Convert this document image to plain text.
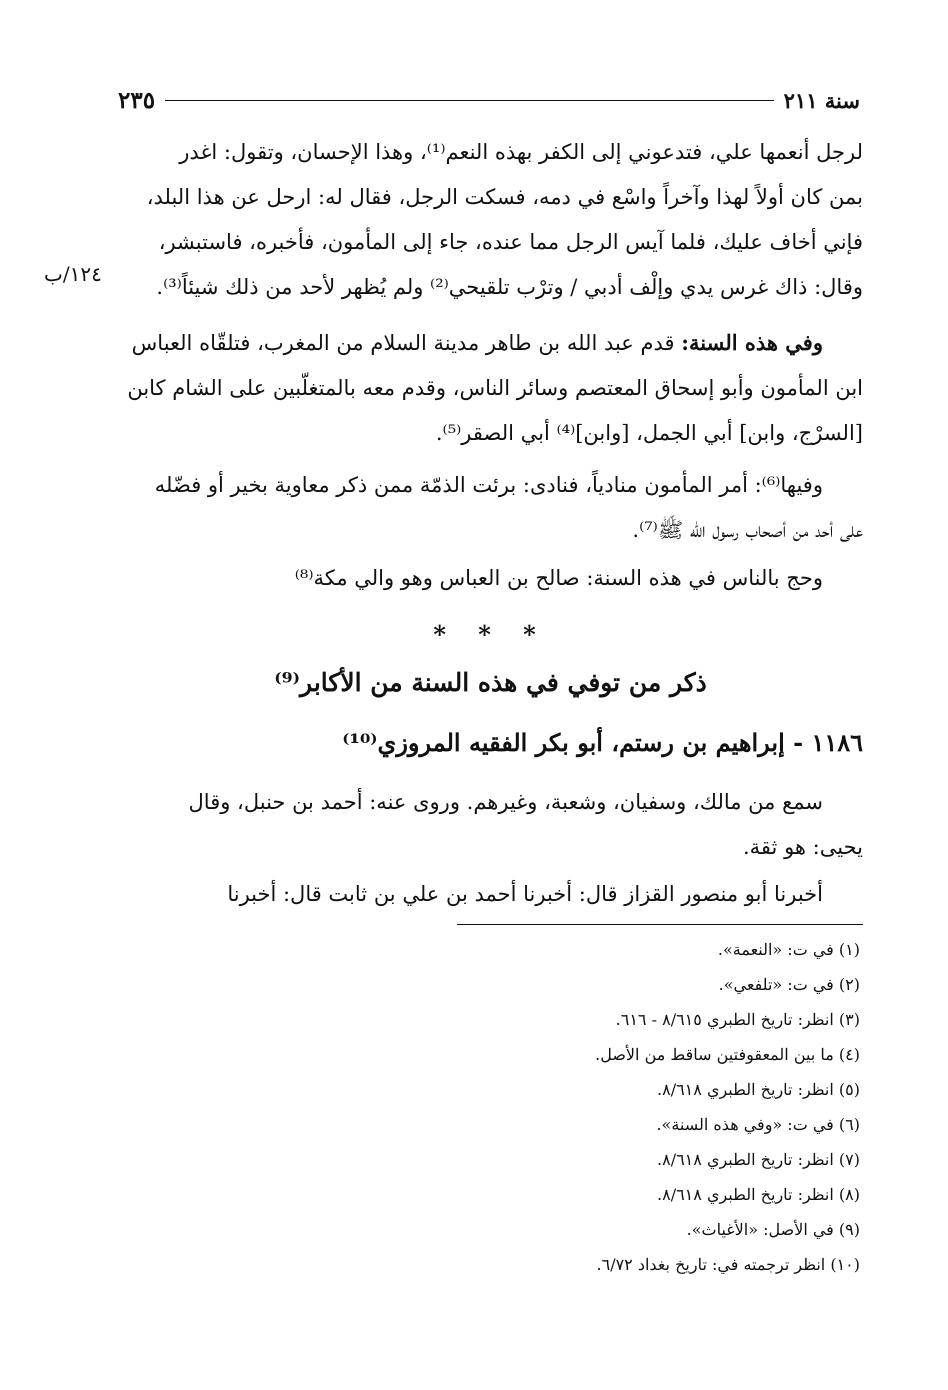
سنة ٢١١
٢٣٥
١٢٤/ب

لرجل أنعمها علي، فتدعوني إلى الكفر بهذه النعم⁽¹⁾، وهذا الإحسان، وتقول: اغدر

بمن كان أولاً لهذا وآخراً واسْع في دمه، فسكت الرجل، فقال له: ارحل عن هذا البلد،

فإني أخاف عليك، فلما آيس الرجل مما عنده، جاء إلى المأمون، فأخبره، فاستبشر،

وقال: ذاك غرس يدي وإلْف أدبي / وترْب تلقيحي⁽²⁾ ولم يُظهر لأحد من ذلك شيئاً⁽³⁾.

وفي هذه السنة: قدم عبد الله بن طاهر مدينة السلام من المغرب، فتلقّاه العباس

ابن المأمون وأبو إسحاق المعتصم وسائر الناس، وقدم معه بالمتغلّبين على الشام كابن

[السرْج، وابن] أبي الجمل، [وابن]⁽⁴⁾ أبي الصقر⁽⁵⁾.

وفيها⁽⁶⁾: أمر المأمون منادياً، فنادى: برئت الذمّة ممن ذكر معاوية بخير أو فضّله

على أحد من أصحاب رسول الله ﷺ⁽⁷⁾.

وحج بالناس في هذه السنة: صالح بن العباس وهو والي مكة⁽⁸⁾

* * *
ذكر من توفي في هذه السنة من الأكابر⁽⁹⁾
١١٨٦ - إبراهيم بن رستم، أبو بكر الفقيه المروزي⁽¹⁰⁾

سمع من مالك، وسفيان، وشعبة، وغيرهم. وروى عنه: أحمد بن حنبل، وقال

يحيى: هو ثقة.

أخبرنا أبو منصور القزاز قال: أخبرنا أحمد بن علي بن ثابت قال: أخبرنا

(١) في ت: «النعمة».
(٢) في ت: «تلفعي».
(٣) انظر: تاريخ الطبري ٨/٦١٥ - ٦١٦.
(٤) ما بين المعقوفتين ساقط من الأصل.
(٥) انظر: تاريخ الطبري ٨/٦١٨.
(٦) في ت: «وفي هذه السنة».
(٧) انظر: تاريخ الطبري ٨/٦١٨.
(٨) انظر: تاريخ الطبري ٨/٦١٨.
(٩) في الأصل: «الأغياث».
(١٠) انظر ترجمته في: تاريخ بغداد ٦/٧٢.
